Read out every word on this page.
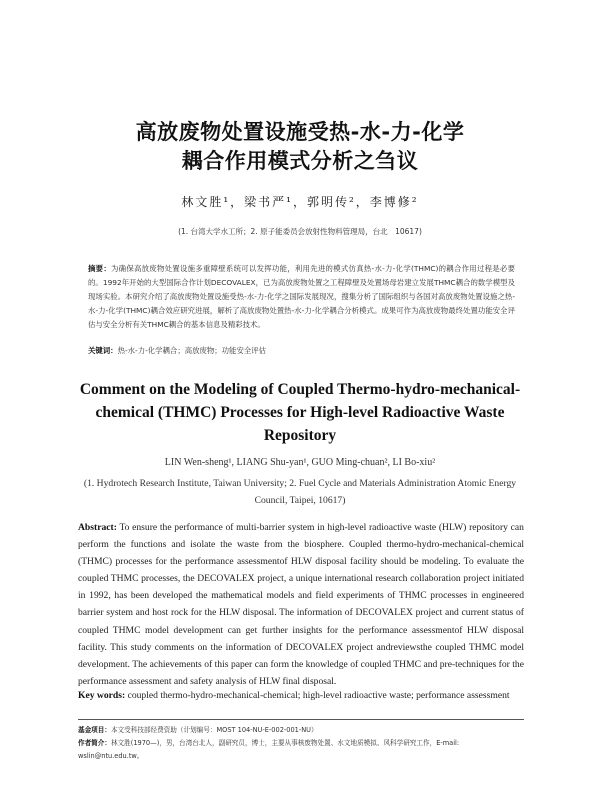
高放废物处置设施受热-水-力-化学
耦合作用模式分析之刍议
林文胜¹，梁书严¹，郭明传²，李博修²
(1. 台湾大学水工所；2. 原子能委员会放射性物料管理局，台北　10617)
摘要：为确保高放废物处置设施多重障壁系统可以发挥功能，利用先进的模式仿真热-水-力-化学(THMC)的耦合作用过程是必要的。1992年开始的大型国际合作计划DECOVALEX，已为高放废物处置之工程障壁及处置场母岩建立发展THMC耦合的数学模型及现场实验。本研究介绍了高放废物处置设施受热-水-力-化学之国际发展现况，搜集分析了国际组织与各国对高放废物处置设施之热-水-力-化学(THMC)耦合效应研究进展，解析了高放废物处置热-水-力-化学耦合分析模式。成果可作为高放废物最终处置功能安全评估与安全分析有关THMC耦合的基本信息及精彩技术。
关键词：热-水-力-化学耦合；高放废物；功能安全评估
Comment on the Modeling of Coupled Thermo-hydro-mechanical-chemical (THMC) Processes for High-level Radioactive Waste Repository
LIN Wen-sheng¹, LIANG Shu-yan¹, GUO Ming-chuan², LI Bo-xiu²
(1. Hydrotech Research Institute, Taiwan University; 2. Fuel Cycle and Materials Administration Atomic Energy Council, Taipei, 10617)
Abstract: To ensure the performance of multi-barrier system in high-level radioactive waste (HLW) repository can perform the functions and isolate the waste from the biosphere. Coupled thermo-hydro-mechanical-chemical (THMC) processes for the performance assessmentof HLW disposal facility should be modeling. To evaluate the coupled THMC processes, the DECOVALEX project, a unique international research collaboration project initiated in 1992, has been developed the mathematical models and field experiments of THMC processes in engineered barrier system and host rock for the HLW disposal. The information of DECOVALEX project and current status of coupled THMC model development can get further insights for the performance assessmentof HLW disposal facility. This study comments on the information of DECOVALEX project andreviewsthe coupled THMC model development. The achievements of this paper can form the knowledge of coupled THMC and pre-techniques for the performance assessment and safety analysis of HLW final disposal.
Key words: coupled thermo-hydro-mechanical-chemical; high-level radioactive waste; performance assessment
基金项目：本文受科技部经费资助（计划编号：MOST 104-NU-E-002-001-NU）
作者简介：林文胜(1970—)，男，台湾台北人，副研究员，博士，主要从事核废物处置、水文地质模拟、风科学研究工作，E-mail: wslin@ntu.edu.tw。
